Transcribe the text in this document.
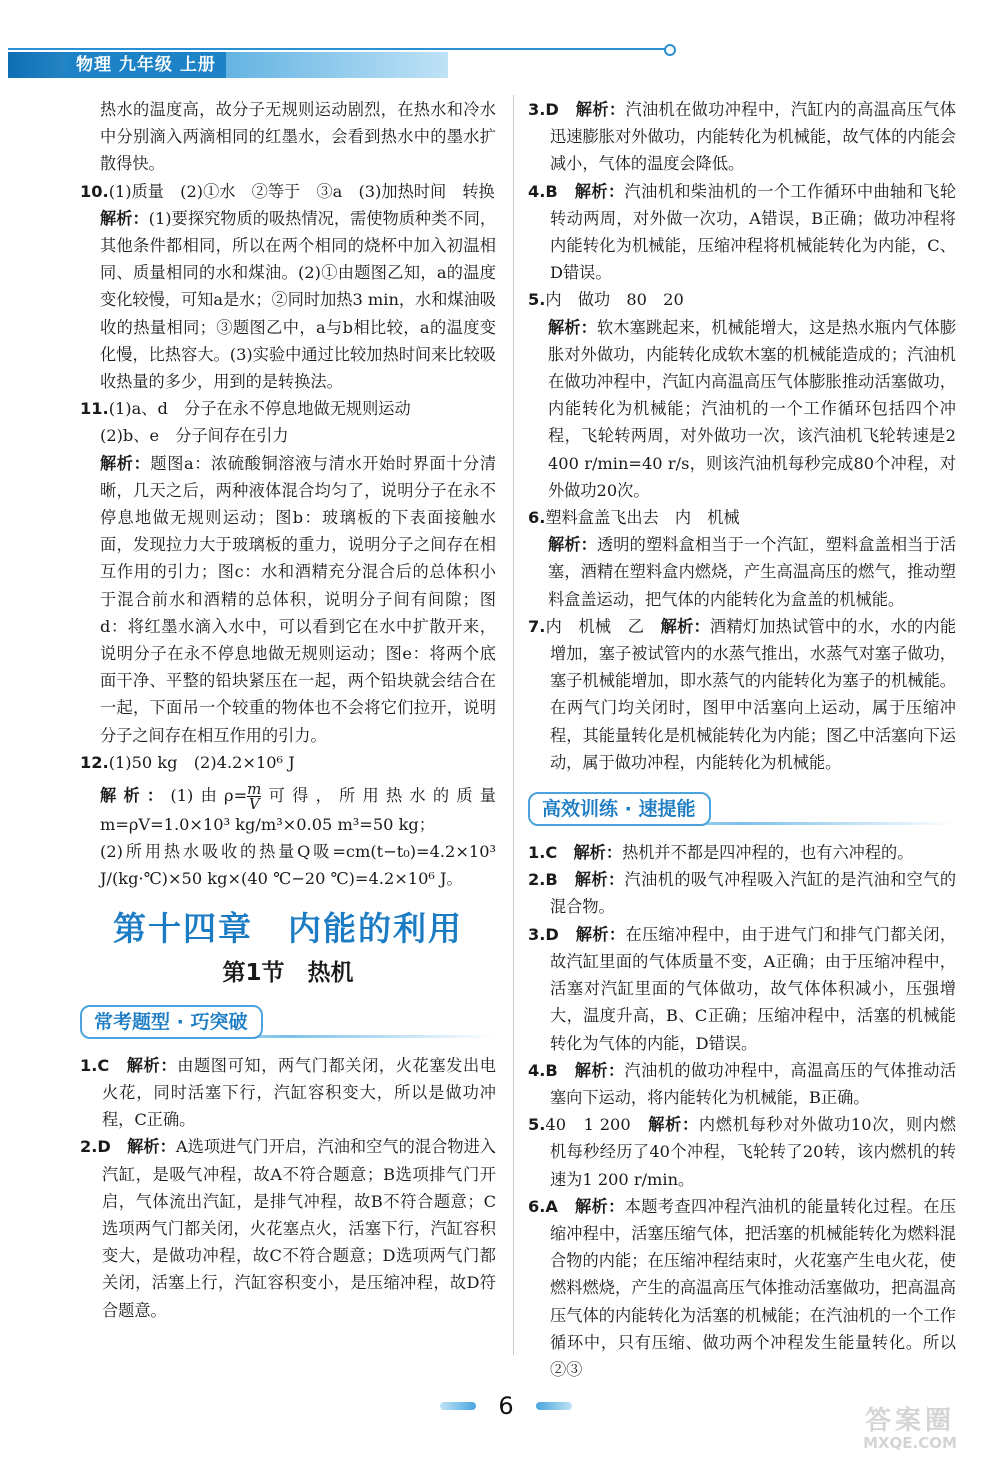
物理 九年级 上册

热水的温度高，故分子无规则运动剧烈，在热水和冷水中分别滴入两滴相同的红墨水，会看到热水中的墨水扩散得快。

10.(1)质量　(2)①水　②等于　③a　(3)加热时间　转换

解析：(1)要探究物质的吸热情况，需使物质种类不同，其他条件都相同，所以在两个相同的烧杯中加入初温相同、质量相同的水和煤油。(2)①由题图乙知，a的温度变化较慢，可知a是水；②同时加热3 min，水和煤油吸收的热量相同；③题图乙中，a与b相比较，a的温度变化慢，比热容大。(3)实验中通过比较加热时间来比较吸收热量的多少，用到的是转换法。

11.(1)a、d　分子在永不停息地做无规则运动

(2)b、e　分子间存在引力

解析：题图a：浓硫酸铜溶液与清水开始时界面十分清晰，几天之后，两种液体混合均匀了，说明分子在永不停息地做无规则运动；图b：玻璃板的下表面接触水面，发现拉力大于玻璃板的重力，说明分子之间存在相互作用的引力；图c：水和酒精充分混合后的总体积小于混合前水和酒精的总体积，说明分子间有间隙；图d：将红墨水滴入水中，可以看到它在水中扩散开来，说明分子在永不停息地做无规则运动；图e：将两个底面干净、平整的铅块紧压在一起，两个铅块就会结合在一起，下面吊一个较重的物体也不会将它们拉开，说明分子之间存在相互作用的引力。

12.(1)50 kg　(2)4.2×10⁶ J

解析：(1)由$\rho= \frac{m}{V}$ 可得，所用热水的质量m=ρV=1.0×10³ kg/m³×0.05 m³=50 kg；

(2)所用热水吸收的热量Q吸=cm(t−t₀)=4.2×10³ J/(kg·℃)×50 kg×(40 ℃−20 ℃)=4.2×10⁶ J。

第十四章　内能的利用
第1节　热机
常考题型 · 巧突破

1.C　 解析：由题图可知，两气门都关闭，火花塞发出电火花，同时活塞下行，汽缸容积变大，所以是做功冲程，C正确。

2.D　 解析：A选项进气门开启，汽油和空气的混合物进入汽缸，是吸气冲程，故A不符合题意；B选项排气门开启，气体流出汽缸，是排气冲程，故B不符合题意；C选项两气门都关闭，火花塞点火，活塞下行，汽缸容积变大，是做功冲程，故C不符合题意；D选项两气门都关闭，活塞上行，汽缸容积变小，是压缩冲程，故D符合题意。

3.D　 解析：汽油机在做功冲程中，汽缸内的高温高压气体迅速膨胀对外做功，内能转化为机械能，故气体的内能会减小，气体的温度会降低。

4.B　 解析：汽油机和柴油机的一个工作循环中曲轴和飞轮转动两周，对外做一次功，A错误，B正确；做功冲程将内能转化为机械能，压缩冲程将机械能转化为内能，C、D错误。

5.内　做功　80　20

解析：软木塞跳起来，机械能增大，这是热水瓶内气体膨胀对外做功，内能转化成软木塞的机械能造成的；汽油机在做功冲程中，汽缸内高温高压气体膨胀推动活塞做功，内能转化为机械能；汽油机的一个工作循环包括四个冲程，飞轮转两周，对外做功一次，该汽油机飞轮转速是2 400 r/min=40 r/s，则该汽油机每秒完成80个冲程，对外做功20次。

6.塑料盒盖飞出去　内　机械

解析：透明的塑料盒相当于一个汽缸，塑料盒盖相当于活塞，酒精在塑料盒内燃烧，产生高温高压的燃气，推动塑料盒盖运动，把气体的内能转化为盒盖的机械能。

7.内　机械　乙　 解析：酒精灯加热试管中的水，水的内能增加，塞子被试管内的水蒸气推出，水蒸气对塞子做功，塞子机械能增加，即水蒸气的内能转化为塞子的机械能。在两气门均关闭时，图甲中活塞向上运动，属于压缩冲程，其能量转化是机械能转化为内能；图乙中活塞向下运动，属于做功冲程，内能转化为机械能。

高效训练 · 速提能

1.C　 解析：热机并不都是四冲程的，也有六冲程的。

2.B　 解析：汽油机的吸气冲程吸入汽缸的是汽油和空气的混合物。

3.D　 解析：在压缩冲程中，由于进气门和排气门都关闭，故汽缸里面的气体质量不变，A正确；由于压缩冲程中，活塞对汽缸里面的气体做功，故气体体积减小，压强增大，温度升高，B、C正确；压缩冲程中，活塞的机械能转化为气体的内能，D错误。

4.B　 解析：汽油机的做功冲程中，高温高压的气体推动活塞向下运动，将内能转化为机械能，B正确。

5.40　1 200　 解析：内燃机每秒对外做功10次，则内燃机每秒经历了40个冲程，飞轮转了20转，该内燃机的转速为1 200 r/min。

6.A　 解析：本题考查四冲程汽油机的能量转化过程。在压缩冲程中，活塞压缩气体，把活塞的机械能转化为燃料混合物的内能；在压缩冲程结束时，火花塞产生电火花，使燃料燃烧，产生的高温高压气体推动活塞做功，把高温高压气体的内能转化为活塞的机械能；在汽油机的一个工作循环中，只有压缩、做功两个冲程发生能量转化。所以②③

6	答案圈
MXQE.COM
